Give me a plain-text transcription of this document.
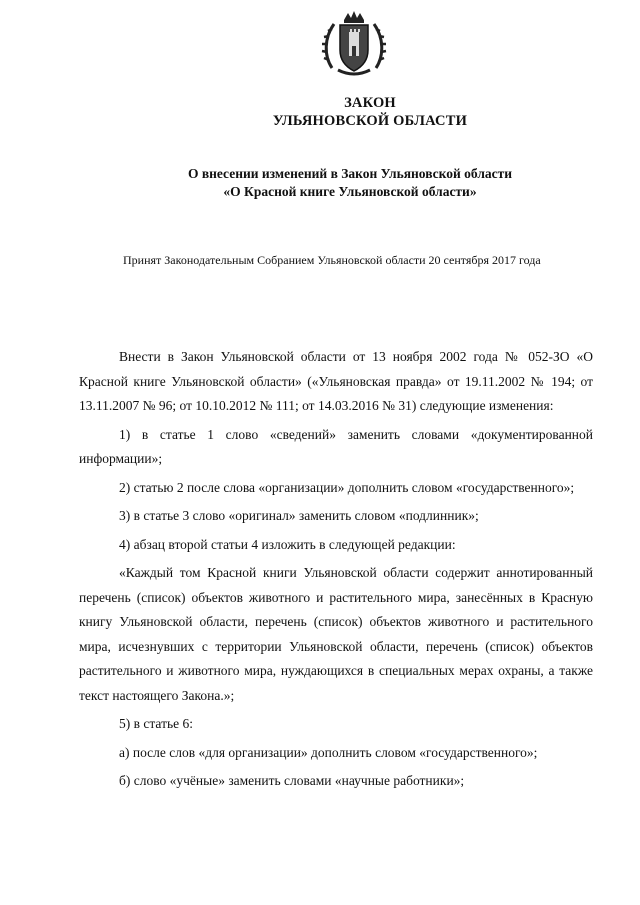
ЗАКОН
УЛЬЯНОВСКОЙ ОБЛАСТИ
О внесении изменений в Закон Ульяновской области
«О Красной книге Ульяновской области»
Принят Законодательным Собранием Ульяновской области 20 сентября 2017 года

Внести в Закон Ульяновской области от 13 ноября 2002 года № 052-ЗО «О Красной книге Ульяновской области» («Ульяновская правда» от 19.11.2002 № 194; от 13.11.2007 № 96; от 10.10.2012 № 111; от 14.03.2016 № 31) следующие изменения:

1) в статье 1 слово «сведений» заменить словами «документированной информации»;

2) статью 2 после слова «организации» дополнить словом «государственного»;

3) в статье 3 слово «оригинал» заменить словом «подлинник»;

4) абзац второй статьи 4 изложить в следующей редакции:

«Каждый том Красной книги Ульяновской области содержит аннотированный перечень (список) объектов животного и растительного мира, занесённых в Красную книгу Ульяновской области, перечень (список) объектов животного и растительного мира, исчезнувших с территории Ульяновской области, перечень (список) объектов растительного и животного мира, нуждающихся в специальных мерах охраны, а также текст настоящего Закона.»;

5) в статье 6:

а) после слов «для организации» дополнить словом «государственного»;

б) слово «учёные» заменить словами «научные работники»;
